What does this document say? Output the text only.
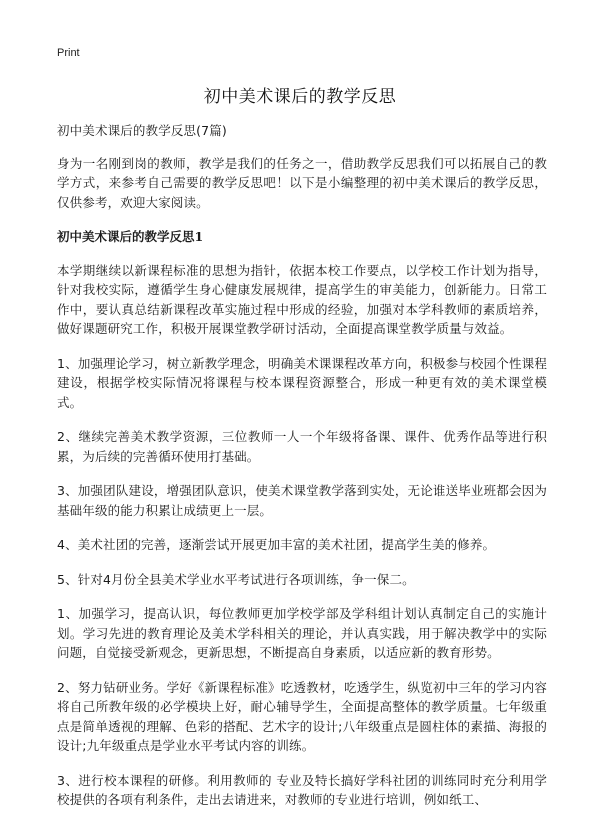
Print
初中美术课后的教学反思

初中美术课后的教学反思(7篇)

身为一名刚到岗的教师，教学是我们的任务之一，借助教学反思我们可以拓展自己的教学方式，来参考自己需要的教学反思吧！以下是小编整理的初中美术课后的教学反思，仅供参考，欢迎大家阅读。

初中美术课后的教学反思1

本学期继续以新课程标准的思想为指针，依据本校工作要点，以学校工作计划为指导，针对我校实际，遵循学生身心健康发展规律，提高学生的审美能力，创新能力。日常工作中，要认真总结新课程改革实施过程中形成的经验，加强对本学科教师的素质培养，做好课题研究工作，积极开展课堂教学研讨活动，全面提高课堂教学质量与效益。

1、加强理论学习，树立新教学理念，明确美术课课程改革方向，积极参与校园个性课程建设，根据学校实际情况将课程与校本课程资源整合，形成一种更有效的美术课堂模式。

2、继续完善美术教学资源，三位教师一人一个年级将备课、课件、优秀作品等进行积累，为后续的完善循环使用打基础。

3、加强团队建设，增强团队意识，使美术课堂教学落到实处，无论谁送毕业班都会因为基础年级的能力积累让成绩更上一层。

4、美术社团的完善，逐渐尝试开展更加丰富的美术社团，提高学生美的修养。

5、针对4月份全县美术学业水平考试进行各项训练，争一保二。

1、加强学习，提高认识，每位教师更加学校学部及学科组计划认真制定自己的实施计划。学习先进的教育理论及美术学科相关的理论，并认真实践，用于解决教学中的实际问题，自觉接受新观念，更新思想，不断提高自身素质，以适应新的教育形势。

2、努力钻研业务。学好《新课程标准》吃透教材，吃透学生，纵览初中三年的学习内容将自己所教年级的必学模块上好，耐心辅导学生，全面提高整体的教学质量。七年级重点是简单透视的理解、色彩的搭配、艺术字的设计;八年级重点是圆柱体的素描、海报的设计;九年级重点是学业水平考试内容的训练。

3、进行校本课程的研修。利用教师的 专业及特长搞好学科社团的训练同时充分利用学校提供的各项有利条件，走出去请进来，对教师的专业进行培训，例如纸工、
